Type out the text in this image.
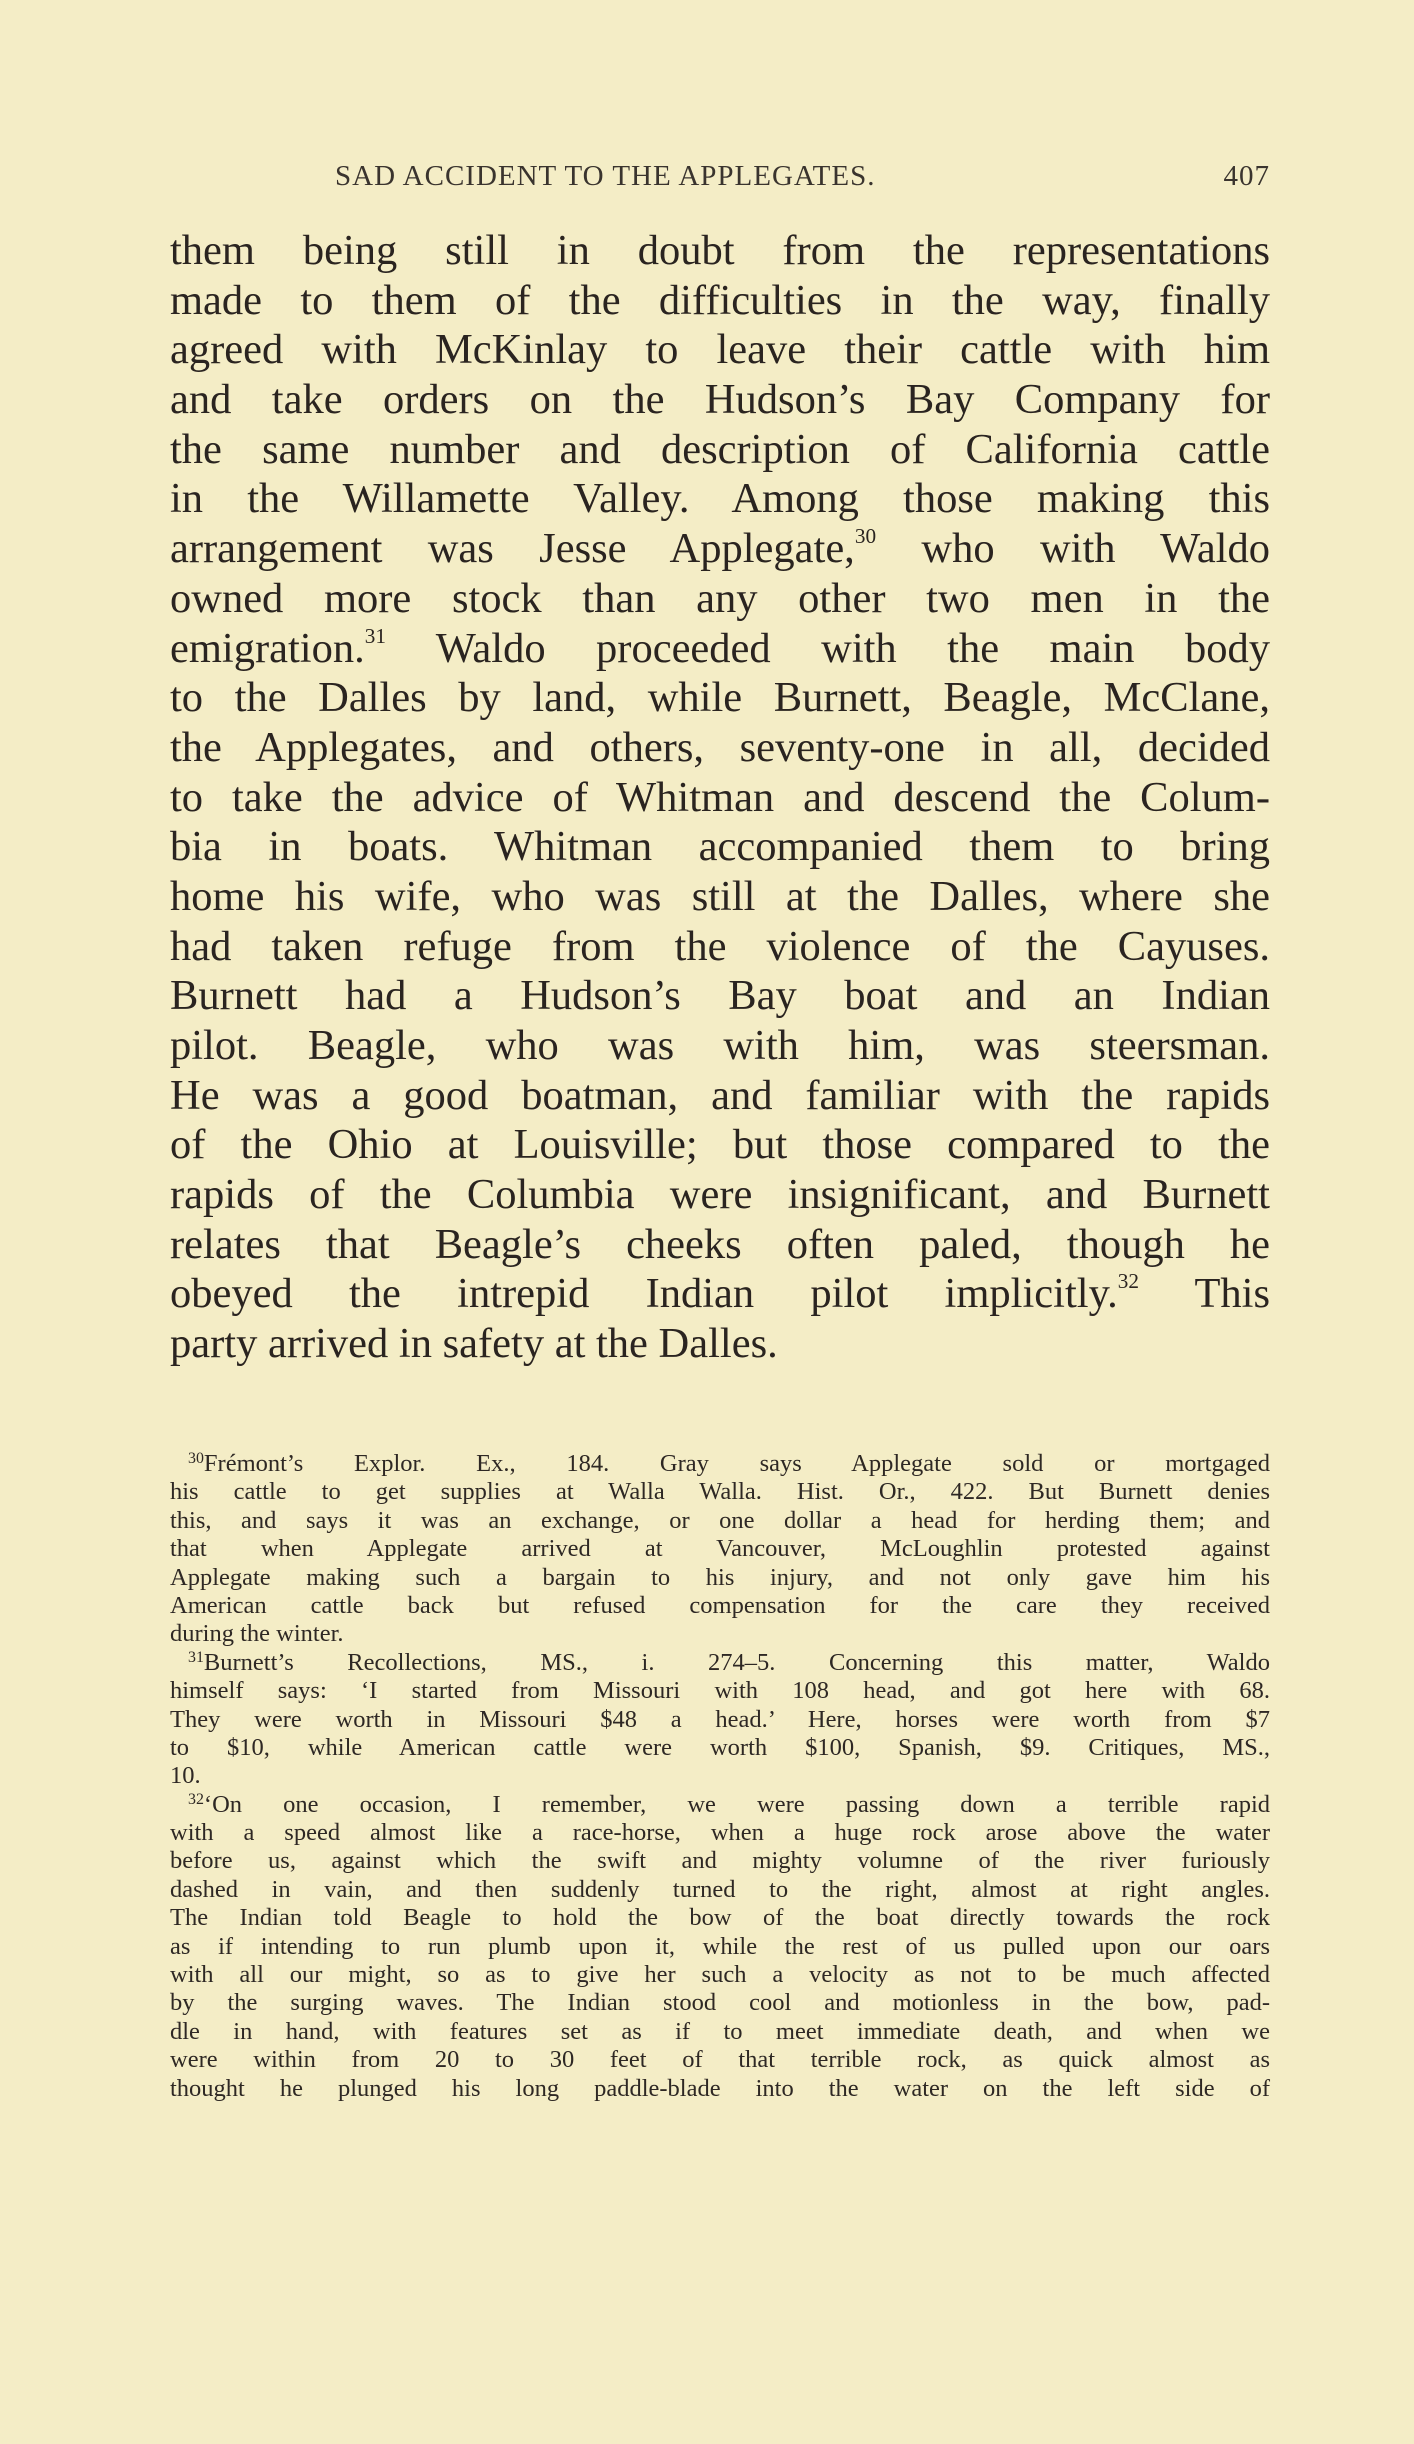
SAD ACCIDENT TO THE APPLEGATES.	407
them being still in doubt from the representations
made to them of the difficulties in the way, finally
agreed with McKinlay to leave their cattle with him
and take orders on the Hudson’s Bay Company for
the same number and description of California cattle
in the Willamette Valley. Among those making this
arrangement was Jesse Applegate,$^{30}$ who with Waldo
owned more stock than any other two men in the
emigration.$^{31}$ Waldo proceeded with the main body
to the Dalles by land, while Burnett, Beagle, McClane,
the Applegates, and others, seventy-one in all, decided
to take the advice of Whitman and descend the Colum-
bia in boats. Whitman accompanied them to bring
home his wife, who was still at the Dalles, where she
had taken refuge from the violence of the Cayuses.
Burnett had a Hudson’s Bay boat and an Indian
pilot. Beagle, who was with him, was steersman.
He was a good boatman, and familiar with the rapids
of the Ohio at Louisville; but those compared to the
rapids of the Columbia were insignificant, and Burnett
relates that Beagle’s cheeks often paled, though he
obeyed the intrepid Indian pilot implicitly.$^{32}$ This
party arrived in safety at the Dalles.
$^{30}$Frémont’s Explor. Ex., 184. Gray says Applegate sold or mortgaged
his cattle to get supplies at Walla Walla. Hist. Or., 422. But Burnett denies
this, and says it was an exchange, or one dollar a head for herding them; and
that when Applegate arrived at Vancouver, McLoughlin protested against
Applegate making such a bargain to his injury, and not only gave him his
American cattle back but refused compensation for the care they received
during the winter.
$^{31}$Burnett’s Recollections, MS., i. 274–5. Concerning this matter, Waldo
himself says: ‘I started from Missouri with 108 head, and got here with 68.
They were worth in Missouri $48 a head.’ Here, horses were worth from $7
to $10, while American cattle were worth $100, Spanish, $9. Critiques, MS.,
10.
$^{32}$‘On one occasion, I remember, we were passing down a terrible rapid
with a speed almost like a race-horse, when a huge rock arose above the water
before us, against which the swift and mighty volumne of the river furiously
dashed in vain, and then suddenly turned to the right, almost at right angles.
The Indian told Beagle to hold the bow of the boat directly towards the rock
as if intending to run plumb upon it, while the rest of us pulled upon our oars
with all our might, so as to give her such a velocity as not to be much affected
by the surging waves. The Indian stood cool and motionless in the bow, pad-
dle in hand, with features set as if to meet immediate death, and when we
were within from 20 to 30 feet of that terrible rock, as quick almost as
thought he plunged his long paddle-blade into the water on the left side of
